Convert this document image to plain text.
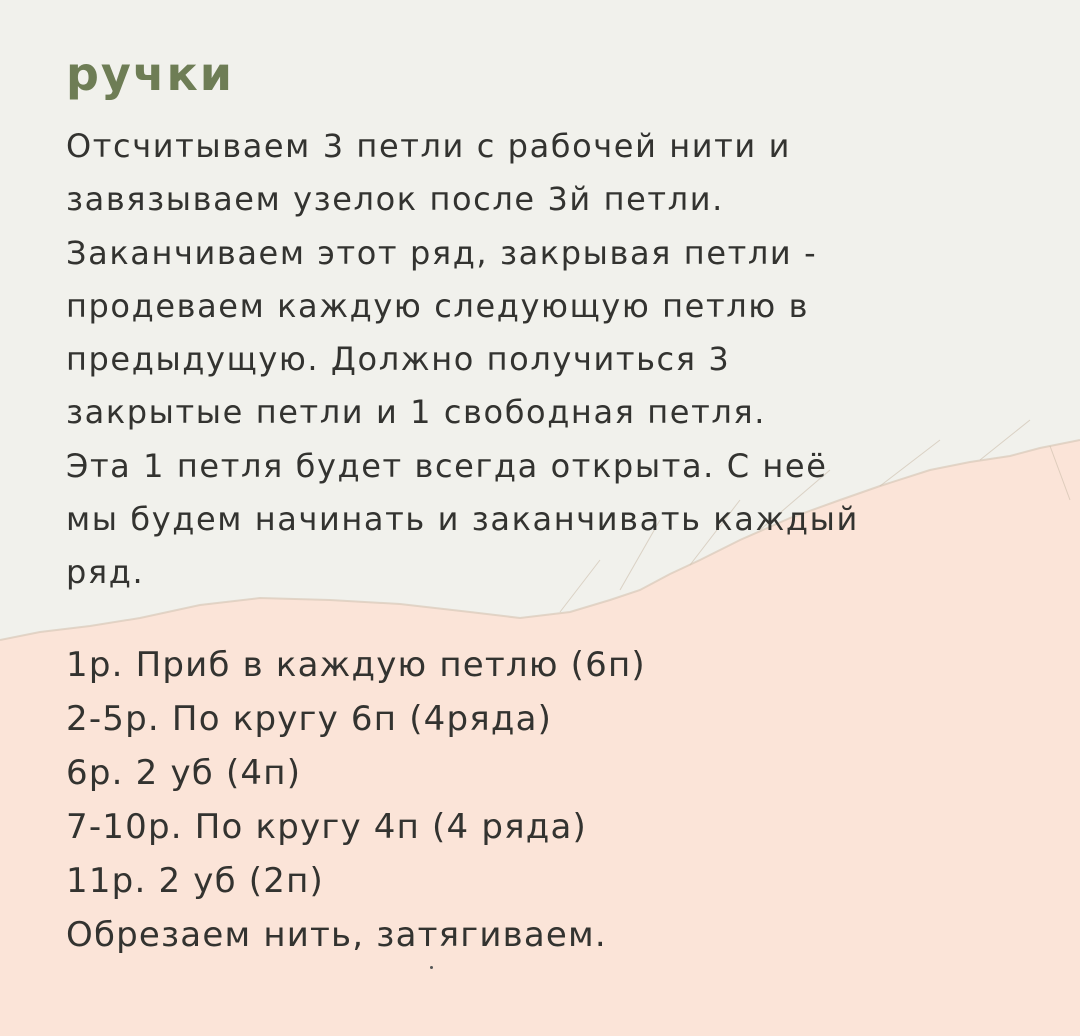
ручки

Отсчитываем 3 петли с рабочей нити и
завязываем узелок после 3й петли.
Заканчиваем этот ряд, закрывая петли -
продеваем каждую следующую петлю в
предыдущую. Должно получиться 3
закрытые петли и 1 свободная петля.
Эта 1 петля будет всегда открыта. С неё
мы будем начинать и заканчивать каждый
ряд.

1р. Приб в каждую петлю (6п)
2-5р. По кругу 6п (4ряда)
6р. 2 уб (4п)
7-10р. По кругу 4п (4 ряда)
11р. 2 уб (2п)
Обрезаем нить, затягиваем.
